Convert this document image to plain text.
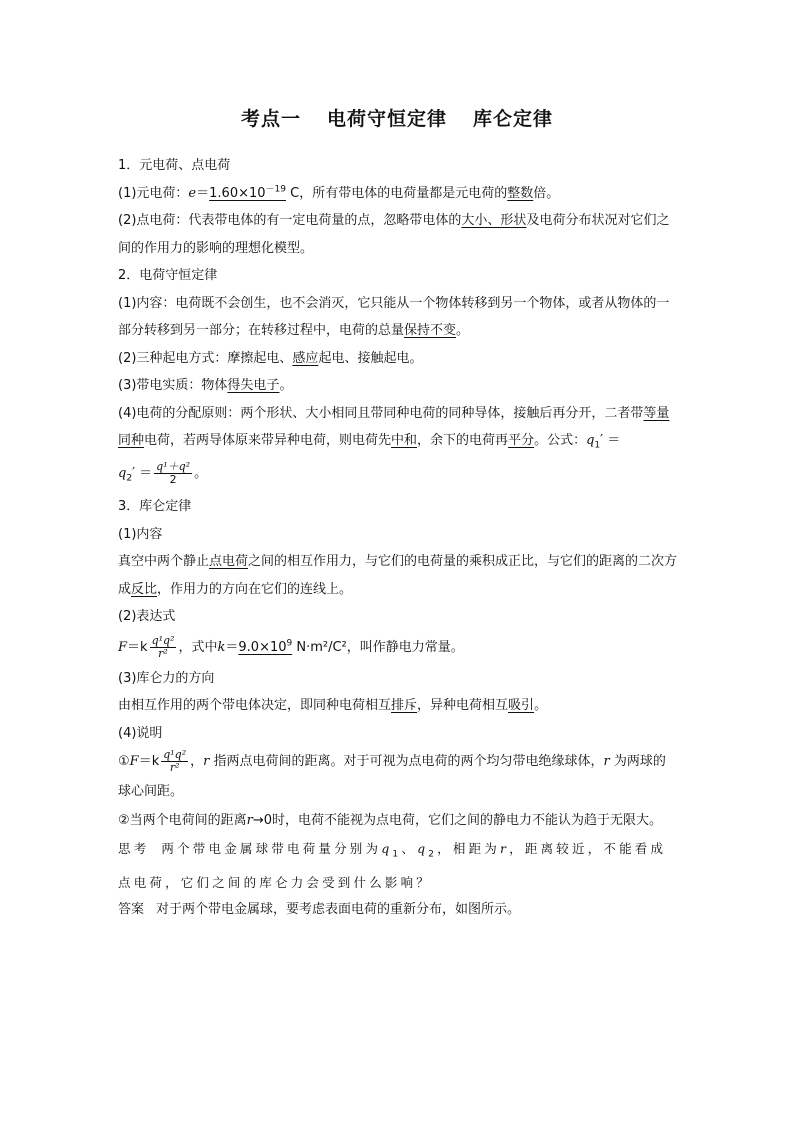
考点一 电荷守恒定律 库仑定律

1．元电荷、点电荷

(1)元电荷：$e=1.60\times 10^{-19}$ C，所有带电体的电荷量都是元电荷的整数倍。

(2)点电荷：代表带电体的有一定电荷量的点，忽略带电体的大小、形状及电荷分布状况对它们之间的作用力的影响的理想化模型。

2．电荷守恒定律

(1)内容：电荷既不会创生，也不会消灭，它只能从一个物体转移到另一个物体，或者从物体的一部分转移到另一部分；在转移过程中，电荷的总量保持不变。

(2)三种起电方式：摩擦起电、感应起电、接触起电。

(3)带电实质：物体得失电子。

(4)电荷的分配原则：两个形状、大小相同且带同种电荷的同种导体，接触后再分开，二者带等量同种电荷，若两导体原来带异种电荷，则电荷先中和，余下的电荷再平分。公式：$q_1'$ ＝
$q_2' = \frac{\text{q¹＋q²}}{2}$ 。

3．库仑定律

(1)内容

真空中两个静止点电荷之间的相互作用力，与它们的电荷量的乘积成正比，与它们的距离的二次方成反比，作用力的方向在它们的连线上。

(2)表达式

$F=k \frac{\text{q¹q²}}{\text{r²}}$ ，式中$k=9.0\times 10^9$ N·m²/C²，叫作静电力常量。

(3)库仑力的方向

由相互作用的两个带电体决定，即同种电荷相互排斥，异种电荷相互吸引。

(4)说明

①F＝k $\frac{\text{q¹q²}}{\text{r²}}$ ，r 指两点电荷间的距离。对于可视为点电荷的两个均匀带电绝缘球体，r 为两球的球心间距。

②当两个电荷间的距离r→0时，电荷不能视为点电荷，它们之间的静电力不能认为趋于无限大。

思考 两个带电金属球带电荷量分别为$q_1$、$q_2$，相距为r，距离较近，不能看成点电荷，它们之间的库仑力会受到什么影响？

答案 对于两个带电金属球，要考虑表面电荷的重新分布，如图所示。
